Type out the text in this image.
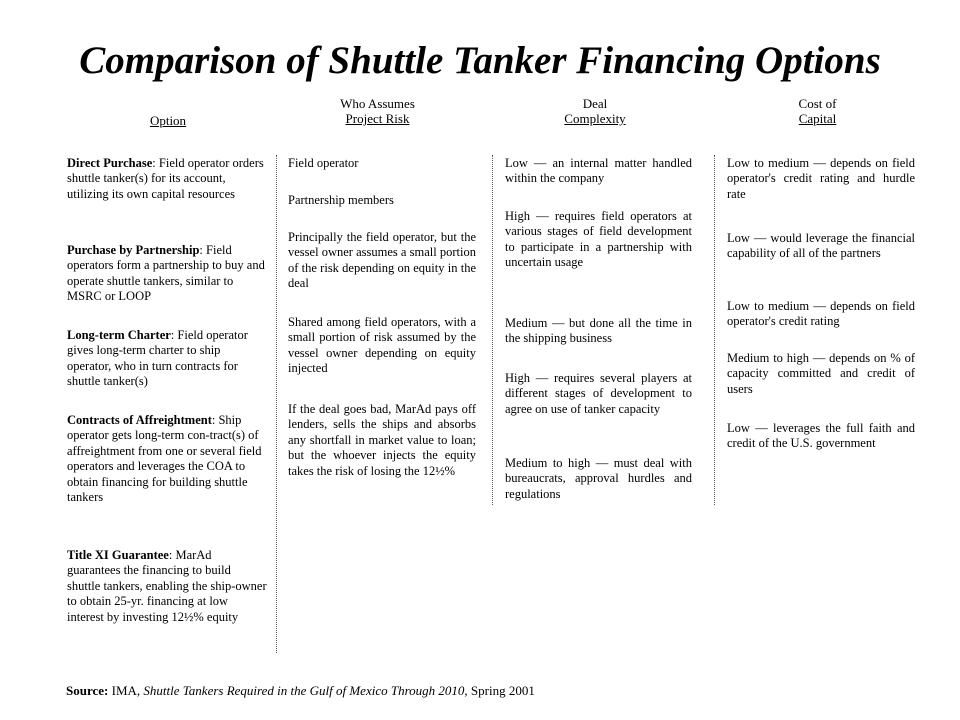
Comparison of Shuttle Tanker Financing Options
Option
Who Assumes
Project Risk
Deal
Complexity
Cost of
Capital

Direct Purchase: Field operator orders shuttle tanker(s) for its account, utilizing its own capital resources

Purchase by Partnership: Field operators form a partnership to buy and operate shuttle tankers, similar to MSRC or LOOP

Long-term Charter: Field operator gives long-term charter to ship operator, who in turn contracts for shuttle tanker(s)

Contracts of Affreightment: Ship operator gets long-term con-tract(s) of affreightment from one or several field operators and leverages the COA to obtain financing for building shuttle tankers

Title XI Guarantee: MarAd guarantees the financing to build shuttle tankers, enabling the ship-owner to obtain 25-yr. financing at low interest by investing 12½% equity

Field operator

Partnership members

Principally the field operator, but the vessel owner assumes a small portion of the risk depending on equity in the deal

Shared among field operators, with a small portion of risk assumed by the vessel owner depending on equity injected

If the deal goes bad, MarAd pays off lenders, sells the ships and absorbs any shortfall in market value to loan; but the whoever injects the equity takes the risk of losing the 12½%

Low — an internal matter handled within the company

High — requires field operators at various stages of field development to participate in a partnership with uncertain usage

Medium — but done all the time in the shipping business

High — requires several players at different stages of development to agree on use of tanker capacity

Medium to high — must deal with bureaucrats, approval hurdles and regulations

Low to medium — depends on field operator's credit rating and hurdle rate

Low — would leverage the financial capability of all of the partners

Low to medium — depends on field operator's credit rating

Medium to high — depends on % of capacity committed and credit of users

Low — leverages the full faith and credit of the U.S. government

Source: IMA, Shuttle Tankers Required in the Gulf of Mexico Through 2010, Spring 2001
